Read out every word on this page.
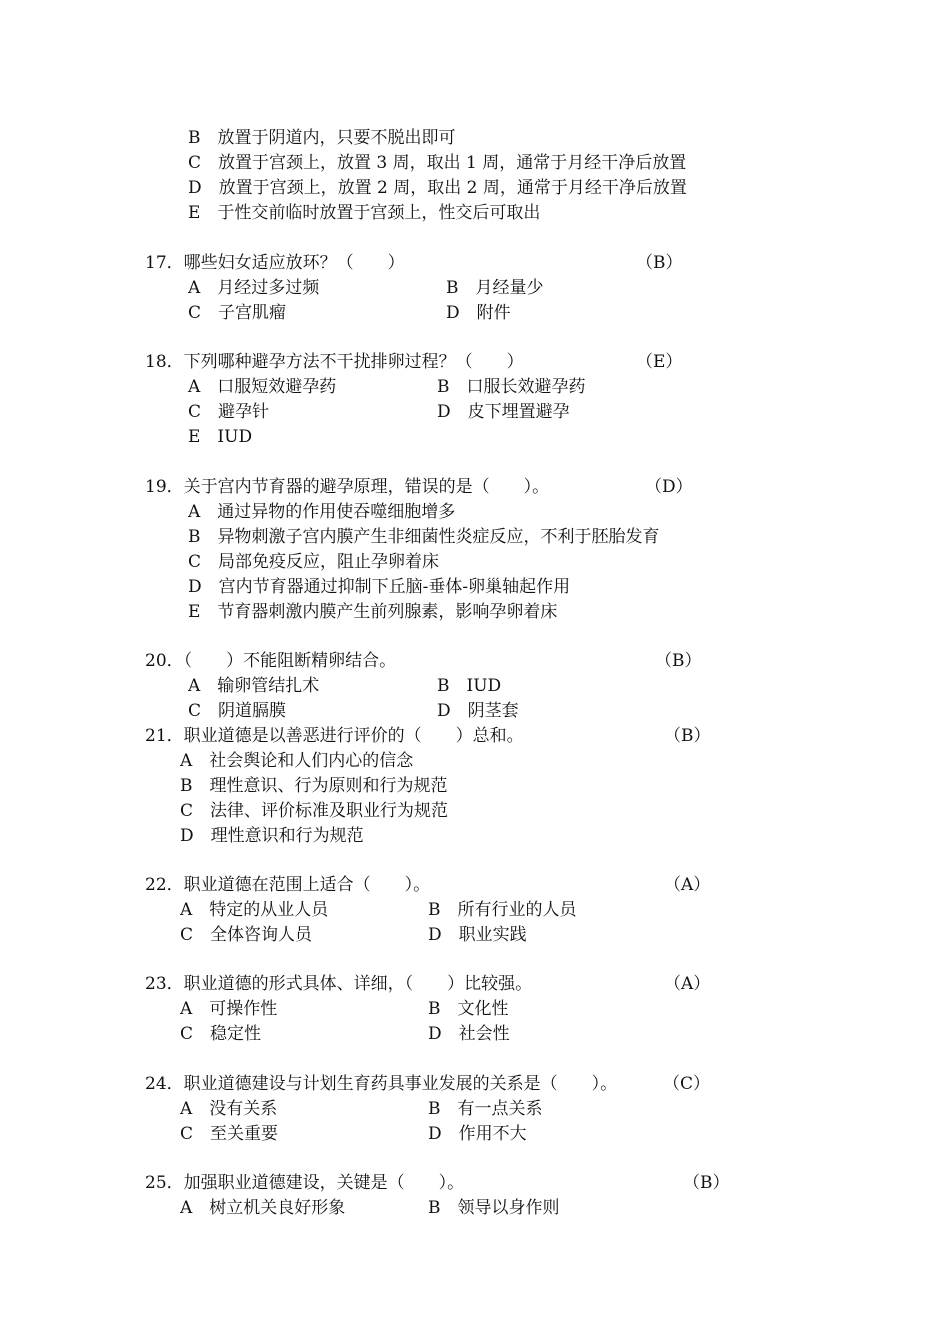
B　放置于阴道内，只要不脱出即可
C　放置于宫颈上，放置 3 周，取出 1 周，通常于月经干净后放置
D　放置于宫颈上，放置 2 周，取出 2 周，通常于月经干净后放置
E　于性交前临时放置于宫颈上，性交后可取出
17．哪些妇女适应放环？（　　）	（B）
A　月经过多过频	B　月经量少
C　子宫肌瘤	D　附件
18．下列哪种避孕方法不干扰排卵过程？（　　）	（E）
A　口服短效避孕药	B　口服长效避孕药
C　避孕针	D　皮下埋置避孕
E　IUD
19．关于宫内节育器的避孕原理，错误的是（　　）。	（D）
A　通过异物的作用使吞噬细胞增多
B　异物刺激子宫内膜产生非细菌性炎症反应，不利于胚胎发育
C　局部免疫反应，阻止孕卵着床
D　宫内节育器通过抑制下丘脑-垂体-卵巢轴起作用
E　节育器刺激内膜产生前列腺素，影响孕卵着床
20．（　　）不能阻断精卵结合。	（B）
A　输卵管结扎术	B　IUD
C　阴道膈膜	D　阴茎套
21．职业道德是以善恶进行评价的（　　）总和。	（B）
A　社会舆论和人们内心的信念
B　理性意识、行为原则和行为规范
C　法律、评价标准及职业行为规范
D　理性意识和行为规范
22．职业道德在范围上适合（　　）。	（A）
A　特定的从业人员	B　所有行业的人员
C　全体咨询人员	D　职业实践
23．职业道德的形式具体、详细，（　　）比较强。	（A）
A　可操作性	B　文化性
C　稳定性	D　社会性
24．职业道德建设与计划生育药具事业发展的关系是（　　）。	（C）
A　没有关系	B　有一点关系
C　至关重要	D　作用不大
25．加强职业道德建设，关键是（　　）。	（B）
A　树立机关良好形象	B　领导以身作则
